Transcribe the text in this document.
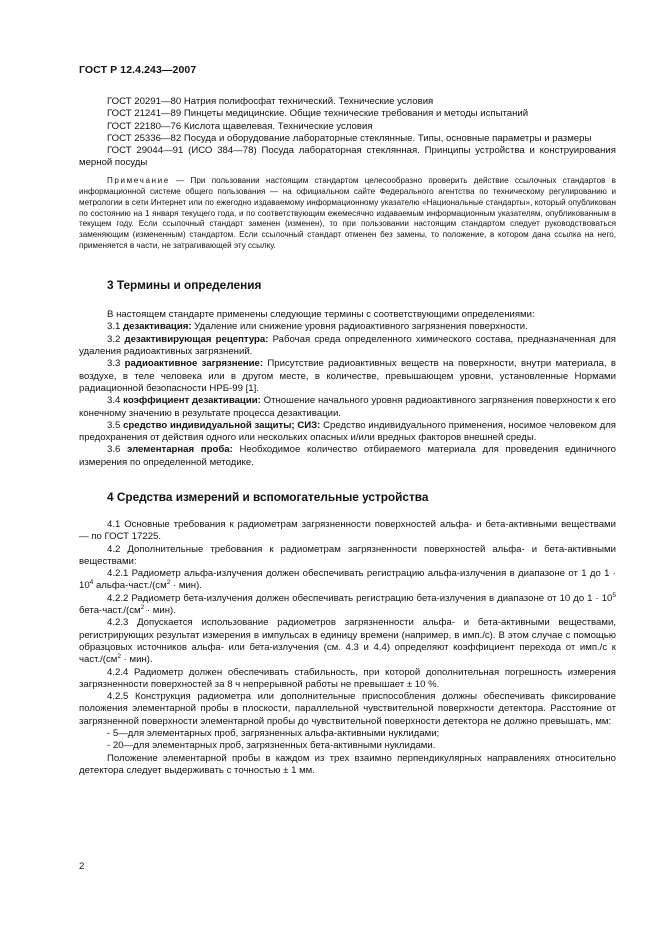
ГОСТ Р 12.4.243—2007
ГОСТ 20291—80 Натрия полифосфат технический. Технические условия
ГОСТ 21241—89 Пинцеты медицинские. Общие технические требования и методы испытаний
ГОСТ 22180—76 Кислота щавелевая. Технические условия
ГОСТ 25336—82 Посуда и оборудование лабораторные стеклянные. Типы, основные параметры и размеры
ГОСТ 29044—91 (ИСО 384—78) Посуда лабораторная стеклянная. Принципы устройства и конструирования мерной посуды
Примечание — При пользовании настоящим стандартом целесообразно проверить действие ссылочных стандартов в информационной системе общего пользования — на официальном сайте Федерального агентства по техническому регулированию и метрологии в сети Интернет или по ежегодно издаваемому информационному указателю «Национальные стандарты», который опубликован по состоянию на 1 января текущего года, и по соответствующим ежемесячно издаваемым информационным указателям, опубликованным в текущем году. Если ссылочный стандарт заменен (изменен), то при пользовании настоящим стандартом следует руководствоваться заменяющим (измененным) стандартом. Если ссылочный стандарт отменен без замены, то положение, в котором дана ссылка на него, применяется в части, не затрагивающей эту ссылку.
3 Термины и определения
В настоящем стандарте применены следующие термины с соответствующими определениями:
3.1 дезактивация: Удаление или снижение уровня радиоактивного загрязнения поверхности.
3.2 дезактивирующая рецептура: Рабочая среда определенного химического состава, предназначенная для удаления радиоактивных загрязнений.
3.3 радиоактивное загрязнение: Присутствие радиоактивных веществ на поверхности, внутри материала, в воздухе, в теле человека или в другом месте, в количестве, превышающем уровни, установленные Нормами радиационной безопасности НРБ-99 [1].
3.4 коэффициент дезактивации: Отношение начального уровня радиоактивного загрязнения поверхности к его конечному значению в результате процесса дезактивации.
3.5 средство индивидуальной защиты; СИЗ: Средство индивидуального применения, носимое человеком для предохранения от действия одного или нескольких опасных и/или вредных факторов внешней среды.
3.6 элементарная проба: Необходимое количество отбираемого материала для проведения единичного измерения по определенной методике.
4 Средства измерений и вспомогательные устройства
4.1 Основные требования к радиометрам загрязненности поверхностей альфа- и бета-активными веществами — по ГОСТ 17225.
4.2 Дополнительные требования к радиометрам загрязненности поверхностей альфа- и бета-активными веществами:
4.2.1 Радиометр альфа-излучения должен обеспечивать регистрацию альфа-излучения в диапазоне от 1 до $1 \cdot 10^4$ альфа-$част./(см^2 \cdot мин)$.
4.2.2 Радиометр бета-излучения должен обеспечивать регистрацию бета-излучения в диапазоне от 10 до $1 \cdot 10^5$ бета-$част./(см^2 \cdot мин)$.
4.2.3 Допускается использование радиометров загрязненности альфа- и бета-активными веществами, регистрирующих результат измерения в импульсах в единицу времени (например, в имп./с). В этом случае с помощью образцовых источников альфа- или бета-излучения (см. 4.3 и 4.4) определяют коэффициент перехода от имп./с к $част./(см^2 \cdot мин)$.
4.2.4 Радиометр должен обеспечивать стабильность, при которой дополнительная погрешность измерения загрязненности поверхностей за 8 ч непрерывной работы не превышает ± 10 %.
4.2.5 Конструкция радиометра или дополнительные приспособления должны обеспечивать фиксирование положения элементарной пробы в плоскости, параллельной чувствительной поверхности детектора. Расстояние от загрязненной поверхности элементарной пробы до чувствительной поверхности детектора не должно превышать, мм:
- 5—для элементарных проб, загрязненных альфа-активными нуклидами;
- 20—для элементарных проб, загрязненных бета-активными нуклидами.
Положение элементарной пробы в каждом из трех взаимно перпендикулярных направлениях относительно детектора следует выдерживать с точностью ± 1 мм.
2
